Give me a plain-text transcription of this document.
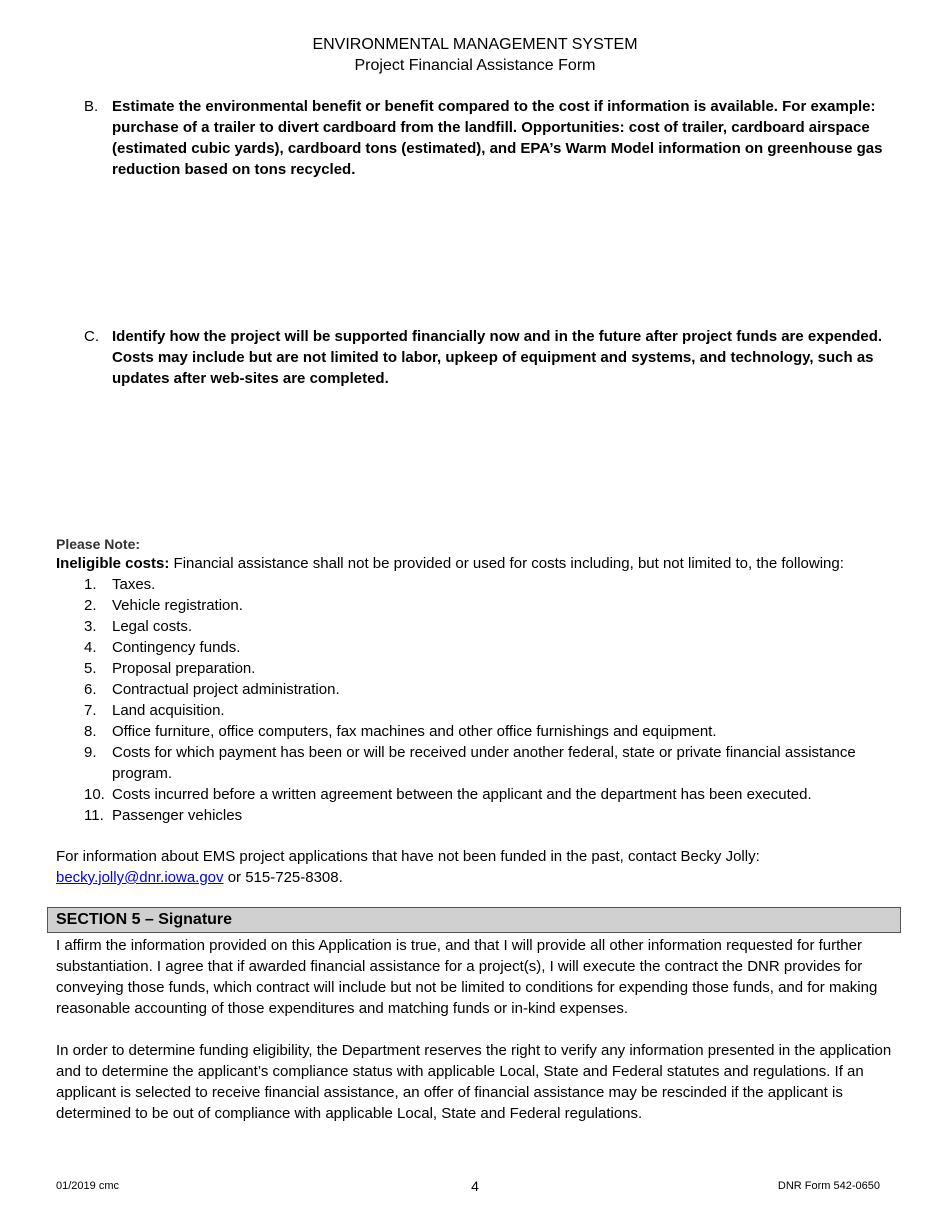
ENVIRONMENTAL MANAGEMENT SYSTEM
Project Financial Assistance Form
B. Estimate the environmental benefit or benefit compared to the cost if information is available. For example: purchase of a trailer to divert cardboard from the landfill. Opportunities: cost of trailer, cardboard airspace (estimated cubic yards), cardboard tons (estimated), and EPA’s Warm Model information on greenhouse gas reduction based on tons recycled.
C. Identify how the project will be supported financially now and in the future after project funds are expended. Costs may include but are not limited to labor, upkeep of equipment and systems, and technology, such as updates after web-sites are completed.
Please Note:
Ineligible costs: Financial assistance shall not be provided or used for costs including, but not limited to, the following:
1.	Taxes.
2.	Vehicle registration.
3.	Legal costs.
4.	Contingency funds.
5.	Proposal preparation.
6.	Contractual project administration.
7.	Land acquisition.
8.	Office furniture, office computers, fax machines and other office furnishings and equipment.
9.	Costs for which payment has been or will be received under another federal, state or private financial assistance program.
10. Costs incurred before a written agreement between the applicant and the department has been executed.
11. Passenger vehicles
For information about EMS project applications that have not been funded in the past, contact Becky Jolly:
becky.jolly@dnr.iowa.gov or 515-725-8308.
SECTION 5 – Signature
I affirm the information provided on this Application is true, and that I will provide all other information requested for further substantiation. I agree that if awarded financial assistance for a project(s), I will execute the contract the DNR provides for conveying those funds, which contract will include but not be limited to conditions for expending those funds, and for making reasonable accounting of those expenditures and matching funds or in-kind expenses.
In order to determine funding eligibility, the Department reserves the right to verify any information presented in the application and to determine the applicant’s compliance status with applicable Local, State and Federal statutes and regulations. If an applicant is selected to receive financial assistance, an offer of financial assistance may be rescinded if the applicant is determined to be out of compliance with applicable Local, State and Federal regulations.
01/2019 cmc	4	DNR Form 542-0650
